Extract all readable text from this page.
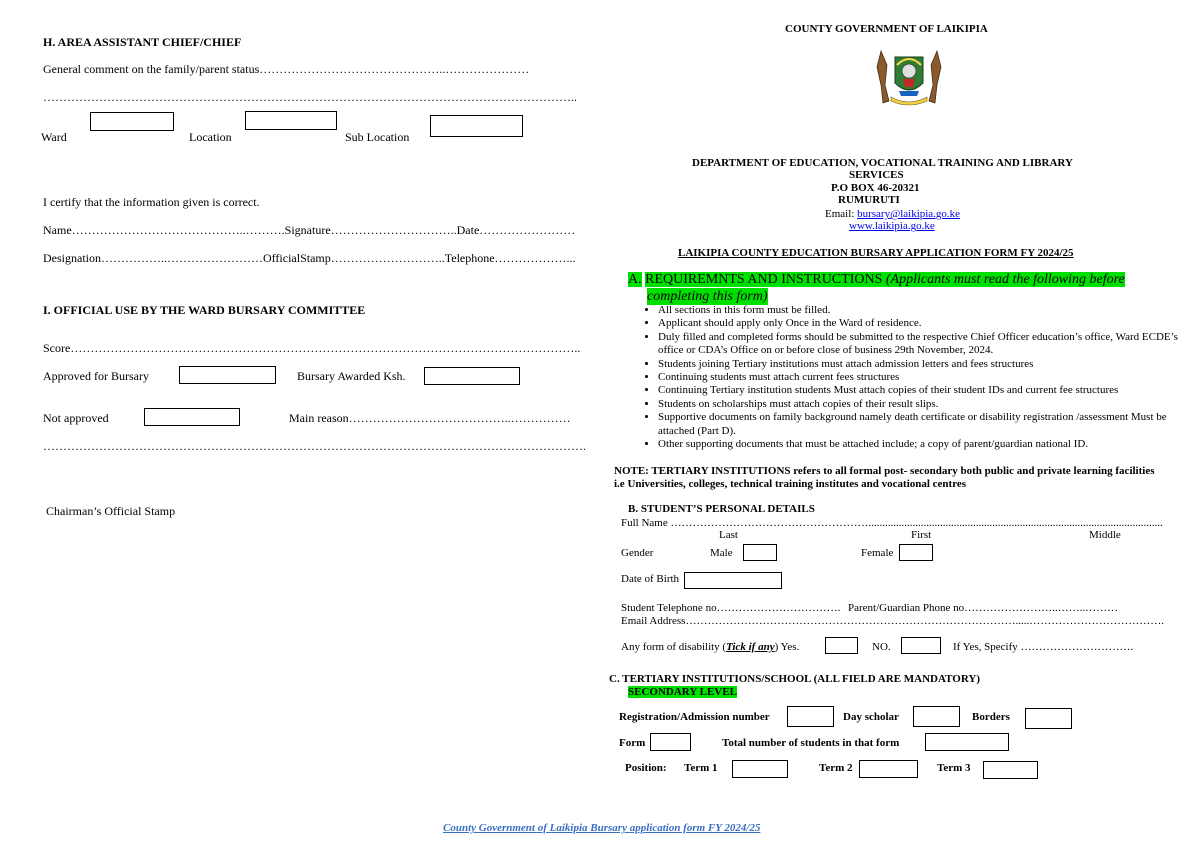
H. AREA ASSISTANT CHIEF/CHIEF
General comment on the family/parent status………………………………………..…………………
……………………………………………………………………………………………………………………..
Ward	Location	Sub Location
I certify that the information given is correct.
Name……………………………………..……….Signature…………………………..Date……………………
Designation……………..……………………OfficialStamp………………………..Telephone………………...
I. OFFICIAL USE BY THE WARD BURSARY COMMITTEE
Score………………………………………………………………………………………………………………..
Approved for Bursary	Bursary Awarded Ksh.
Not approved	Main reason…………………………………..……………
……………………………………………………………………………………………………………………….
Chairman’s Official Stamp
COUNTY GOVERNMENT OF LAIKIPIA
DEPARTMENT OF EDUCATION, VOCATIONAL TRAINING AND LIBRARY
SERVICES
P.O BOX 46-20321
RUMURUTI
Email: bursary@laikipia.go.ke
www.laikipia.go.ke
LAIKIPIA COUNTY EDUCATION BURSARY APPLICATION FORM FY 2024/25
A. REQUIREMNTS AND INSTRUCTIONS (Applicants must read the following before
completing this form)
• All sections in this form must be filled.
• Applicant should apply only Once in the Ward of residence.
• Duly filled and completed forms should be submitted to the respective Chief Officer education’s office, Ward ECDE’s office or CDA’s Office on or before close of business 29th November, 2024.
• Students joining Tertiary institutions must attach admission letters and fees structures
• Continuing students must attach current fees structures
• Continuing Tertiary institution students Must attach copies of their student IDs and current fee structures
• Students on scholarships must attach copies of their result slips.
• Supportive documents on family background namely death certificate or disability registration /assessment Must be attached (Part D).
• Other supporting documents that must be attached include; a copy of parent/guardian national ID.
NOTE: TERTIARY INSTITUTIONS refers to all formal post- secondary both public and private learning facilities
i.e Universities, colleges, technical training institutes and vocational centres
B. STUDENT’S PERSONAL DETAILS
Full Name ………………………………………………...........................................................................................................
Last	First	Middle
Gender	Male	Female
Date of Birth
Student Telephone no……………………………. Parent/Guardian Phone no……………………..……..………
Email Address……………………………………………………………………………….....……………………………….
Any form of disability (Tick if any) Yes.	NO.	If Yes, Specify ………………………….
C. TERTIARY INSTITUTIONS/SCHOOL (ALL FIELD ARE MANDATORY)
SECONDARY LEVEL
Registration/Admission number	Day scholar	Borders
Form	Total number of students in that form
Position: Term 1	Term 2	Term 3
County Government of Laikipia Bursary application form FY 2024/25
